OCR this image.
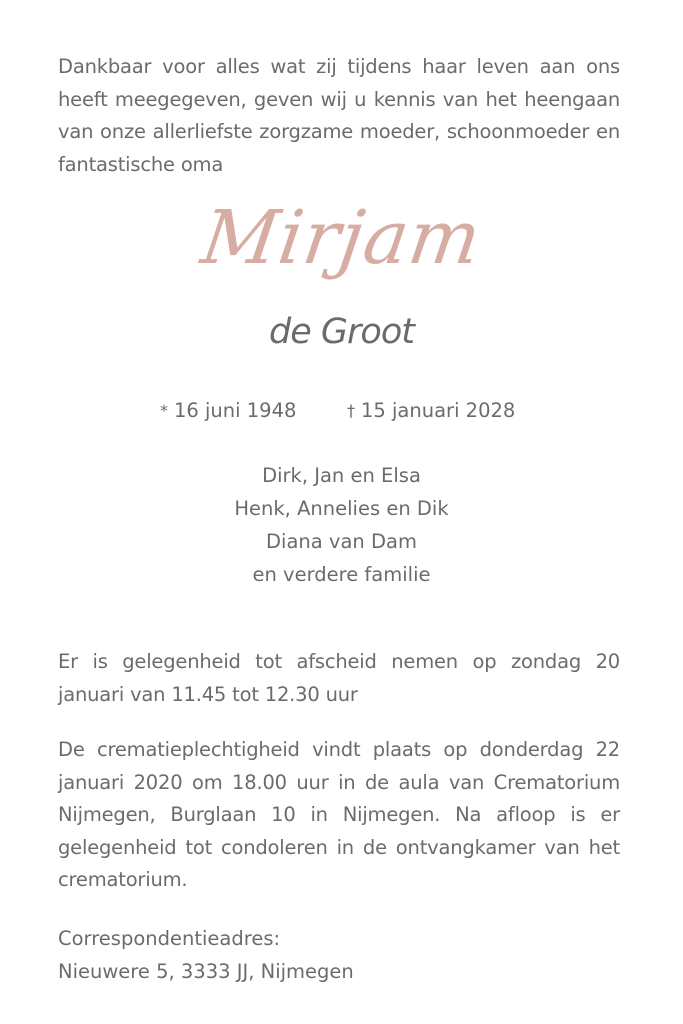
Dankbaar voor alles wat zij tijdens haar leven aan ons heeft meegegeven, geven wij u kennis van het heengaan van onze allerliefste zorgzame moeder, schoonmoeder en fantastische oma
Mirjam
de Groot
* 16 juni 1948	† 15 januari 2028
Dirk, Jan en Elsa
Henk, Annelies en Dik
Diana van Dam
en verdere familie
Er is gelegenheid tot afscheid nemen op zondag 20 januari van 11.45 tot 12.30 uur
De crematieplechtigheid vindt plaats op donderdag 22 januari 2020 om 18.00 uur in de aula van Crematorium Nijmegen, Burglaan 10 in Nijmegen. Na afloop is er gelegenheid tot condoleren in de ontvangkamer van het crematorium.
Correspondentieadres:
Nieuwere 5, 3333 JJ, Nijmegen
